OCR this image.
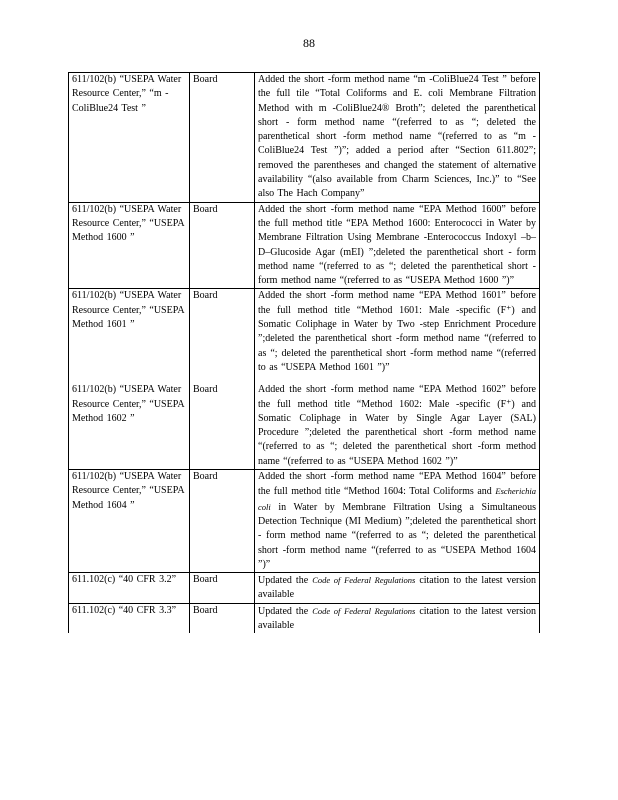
88
611/102(b) “USEPA Water Resource Center,” “m -ColiBlue24 Test ”	Board	Added the short -form method name “m -ColiBlue24 Test ” before the full tile “Total Coliforms and E. coli Membrane Filtration Method with m -ColiBlue24® Broth”; deleted the parenthetical short - form method name “(referred to as “; deleted the parenthetical short -form method name “(referred to as “m -ColiBlue24 Test ”)”; added a period after “Section 611.802”; removed the parentheses and changed the statement of alternative availability “(also available from Charm Sciences, Inc.)” to “See also The Hach Company”
611/102(b) “USEPA Water Resource Center,” “USEPA Method 1600 ”	Board	Added the short -form method name “EPA Method 1600” before the full method title “EPA Method 1600: Enterococci in Water by Membrane Filtration Using Membrane -Enterococcus Indoxyl –b–D–Glucoside Agar (mEI) ”;deleted the parenthetical short - form method name “(referred to as “; deleted the parenthetical short -form method name “(referred to as “USEPA Method 1600 ”)”
611/102(b) “USEPA Water Resource Center,” “USEPA Method 1601 ”	Board	Added the short -form method name “EPA Method 1601” before the full method title “Method 1601: Male -specific (F⁺) and Somatic Coliphage in Water by Two -step Enrichment Procedure ”;deleted the parenthetical short -form method name “(referred to as “; deleted the parenthetical short -form method name “(referred to as “USEPA Method 1601 ”)”
611/102(b) “USEPA Water Resource Center,” “USEPA Method 1602 ”	Board	Added the short -form method name “EPA Method 1602” before the full method title “Method 1602: Male -specific (F⁺) and Somatic Coliphage in Water by Single Agar Layer (SAL) Procedure ”;deleted the parenthetical short -form method name “(referred to as “; deleted the parenthetical short -form method name “(referred to as “USEPA Method 1602 ”)”
611/102(b) “USEPA Water Resource Center,” “USEPA Method 1604 ”	Board	Added the short -form method name “EPA Method 1604” before the full method title “Method 1604: Total Coliforms and Escherichia coli in Water by Membrane Filtration Using a Simultaneous Detection Technique (MI Medium) ”;deleted the parenthetical short - form method name “(referred to as “; deleted the parenthetical short -form method name “(referred to as “USEPA Method 1604 ”)”
611.102(c) “40 CFR 3.2”	Board	Updated the Code of Federal Regulations citation to the latest version available
611.102(c) “40 CFR 3.3”	Board	Updated the Code of Federal Regulations citation to the latest version available
